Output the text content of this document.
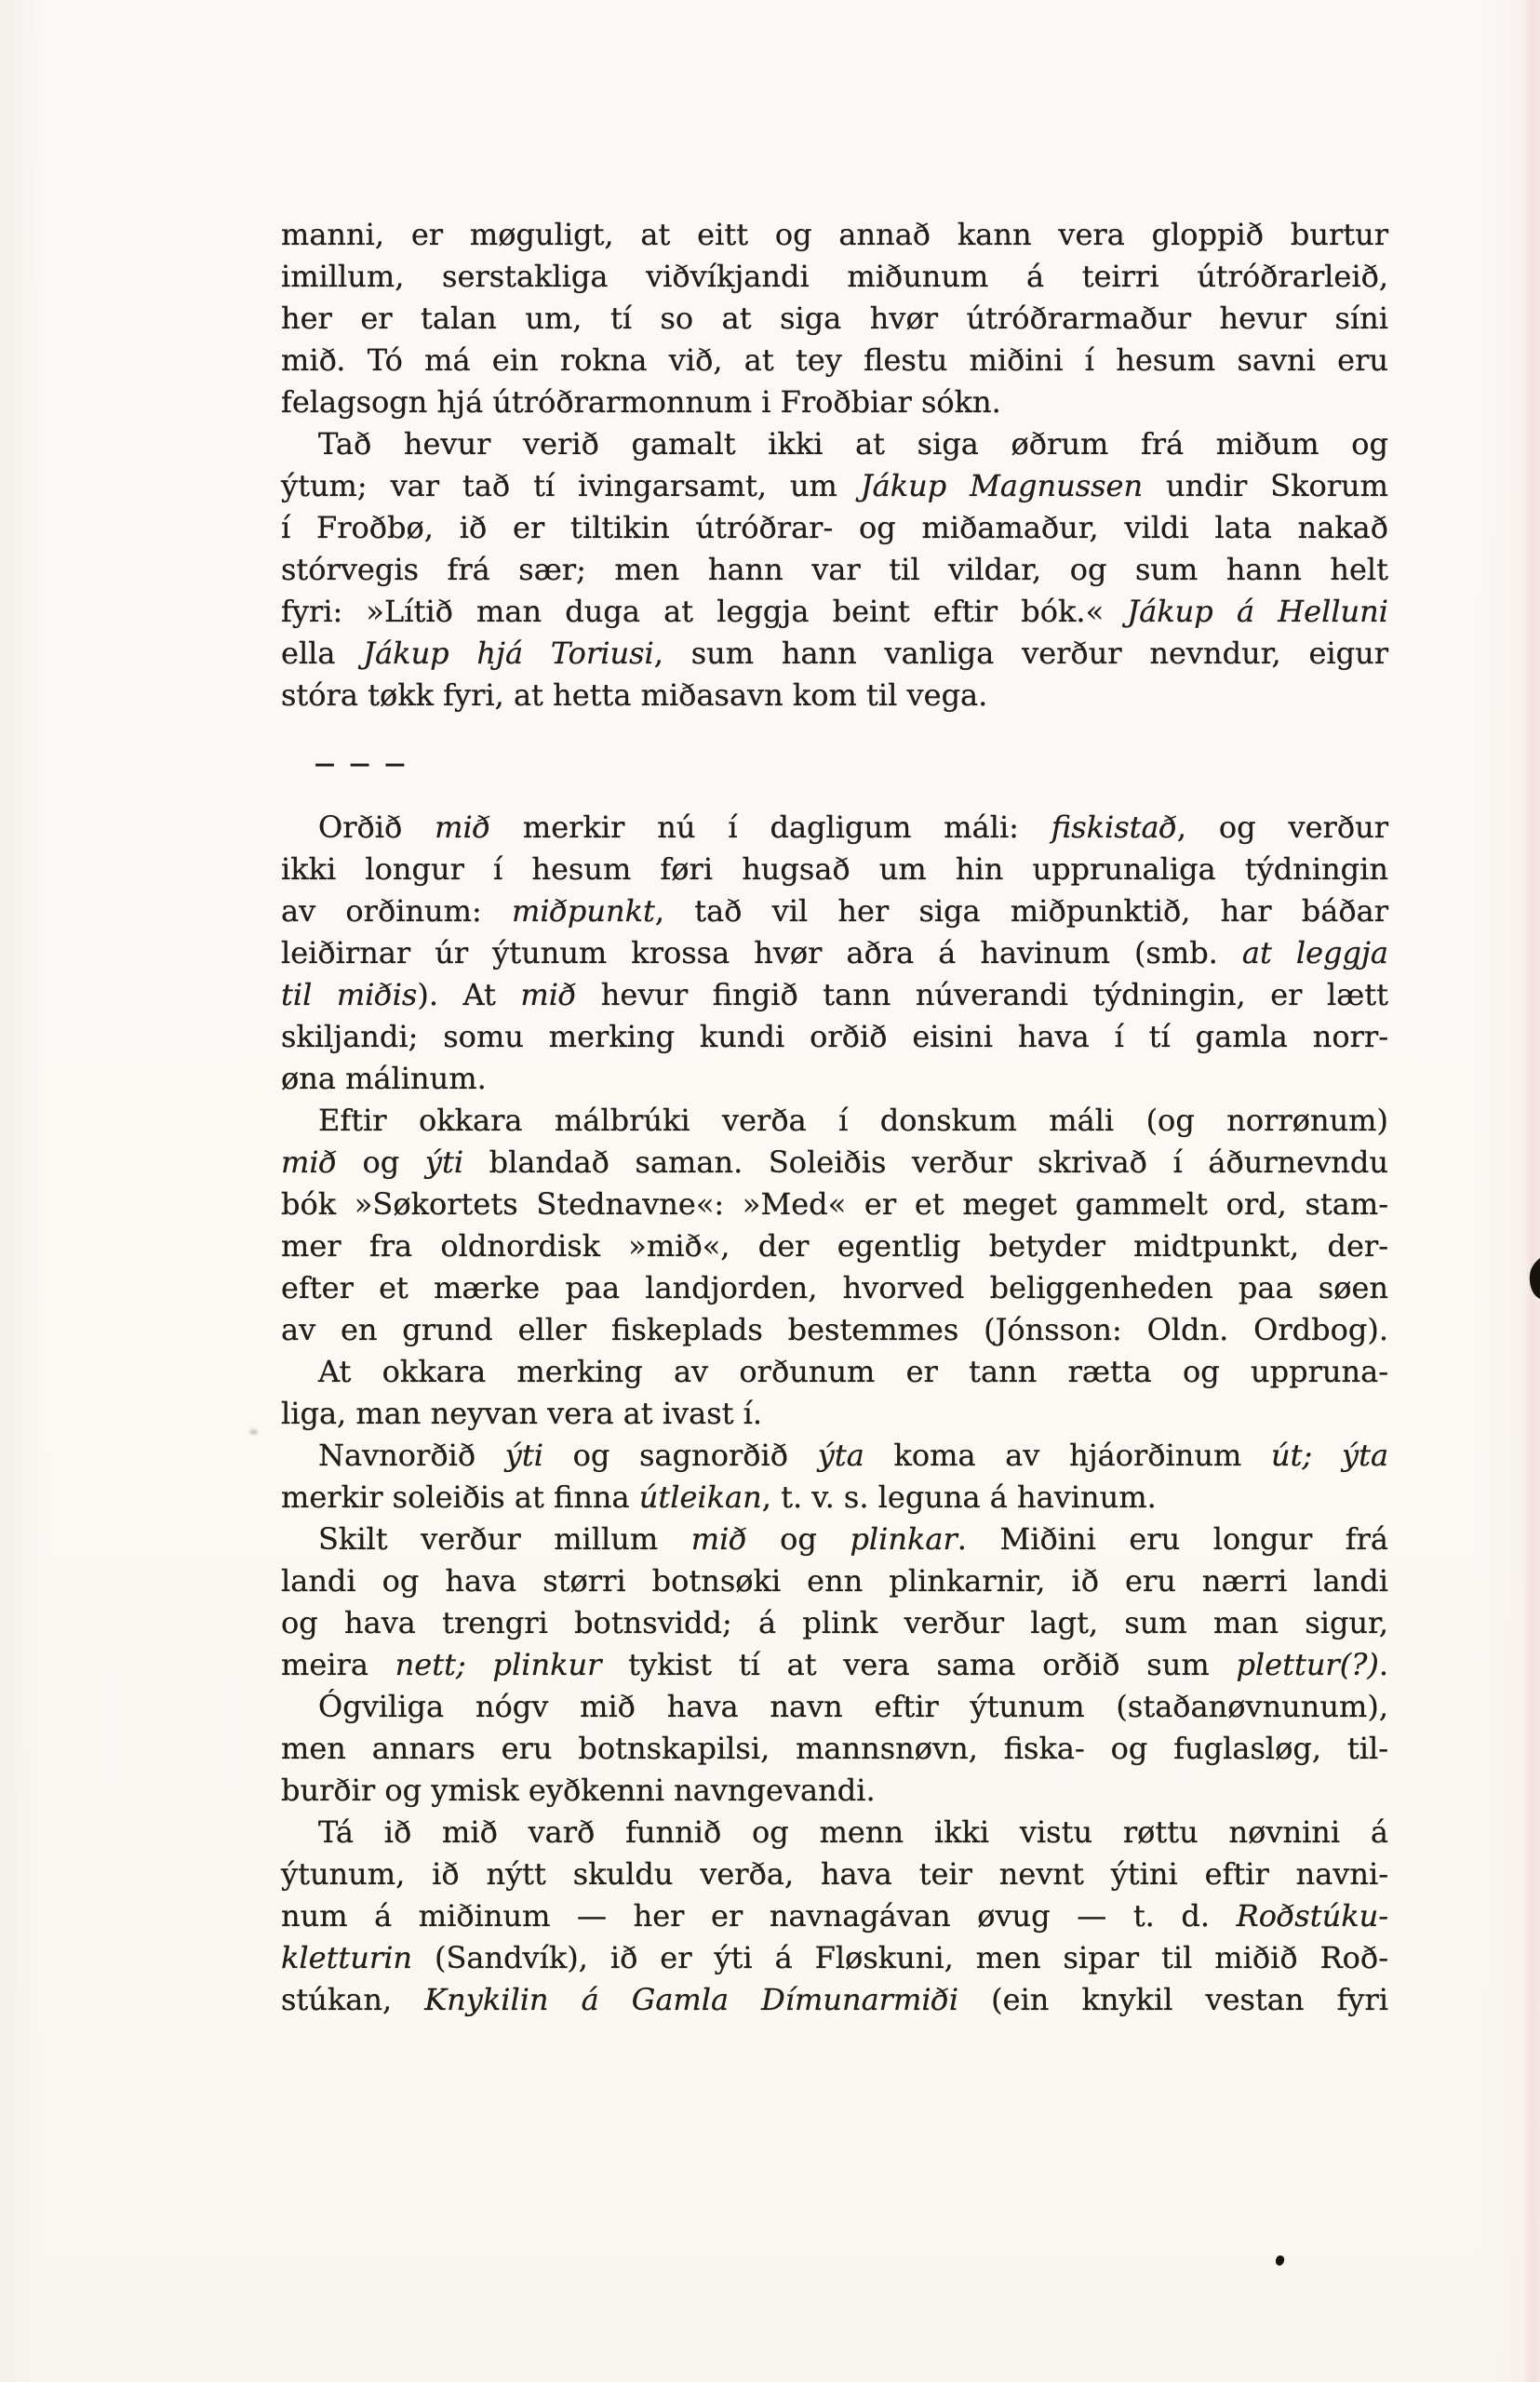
manni, er møguligt, at eitt og annað kann vera gloppið burtur
imillum, serstakliga viðvíkjandi miðunum á teirri útróðrarleið,
her er talan um, tí so at siga hvør útróðrarmaður hevur síni
mið. Tó má ein rokna við, at tey flestu miðini í hesum savni eru
felagsogn hjá útróðrarmonnum i Froðbiar sókn.
Tað hevur verið gamalt ikki at siga øðrum frá miðum og
ýtum; var tað tí ivingarsamt, um Jákup Magnussen undir Skorum
í Froðbø, ið er tiltikin útróðrar- og miðamaður, vildi lata nakað
stórvegis frá sær; men hann var til vildar, og sum hann helt
fyri: »Lítið man duga at leggja beint eftir bók.« Jákup á Helluni
ella Jákup hjá Toriusi, sum hann vanliga verður nevndur, eigur
stóra tøkk fyri, at hetta miðasavn kom til vega.
— — —
Orðið mið merkir nú í dagligum máli: fiskistað, og verður
ikki longur í hesum føri hugsað um hin upprunaliga týdningin
av orðinum: miðpunkt, tað vil her siga miðpunktið, har báðar
leiðirnar úr ýtunum krossa hvør aðra á havinum (smb. at leggja
til miðis). At mið hevur fingið tann núverandi týdningin, er lætt
skiljandi; somu merking kundi orðið eisini hava í tí gamla norr-
øna málinum.
Eftir okkara málbrúki verða í donskum máli (og norrønum)
mið og ýti blandað saman. Soleiðis verður skrivað í áðurnevndu
bók »Søkortets Stednavne«: »Med« er et meget gammelt ord, stam-
mer fra oldnordisk »mið«, der egentlig betyder midtpunkt, der-
efter et mærke paa landjorden, hvorved beliggenheden paa søen
av en grund eller fiskeplads bestemmes (Jónsson: Oldn. Ordbog).
At okkara merking av orðunum er tann rætta og uppruna-
liga, man neyvan vera at ivast í.
Navnorðið ýti og sagnorðið ýta koma av hjáorðinum út; ýta
merkir soleiðis at finna útleikan, t. v. s. leguna á havinum.
Skilt verður millum mið og plinkar. Miðini eru longur frá
landi og hava størri botnsøki enn plinkarnir, ið eru nærri landi
og hava trengri botnsvidd; á plink verður lagt, sum man sigur,
meira nett; plinkur tykist tí at vera sama orðið sum plettur(?).
Ógviliga nógv mið hava navn eftir ýtunum (staðanøvnunum),
men annars eru botnskapilsi, mannsnøvn, fiska- og fuglasløg, til-
burðir og ymisk eyðkenni navngevandi.
Tá ið mið varð funnið og menn ikki vistu røttu nøvnini á
ýtunum, ið nýtt skuldu verða, hava teir nevnt ýtini eftir navni-
num á miðinum — her er navnagávan øvug — t. d. Roðstúku-
kletturin (Sandvík), ið er ýti á Fløskuni, men sipar til miðið Roð-
stúkan, Knykilin á Gamla Dímunarmiði (ein knykil vestan fyri
